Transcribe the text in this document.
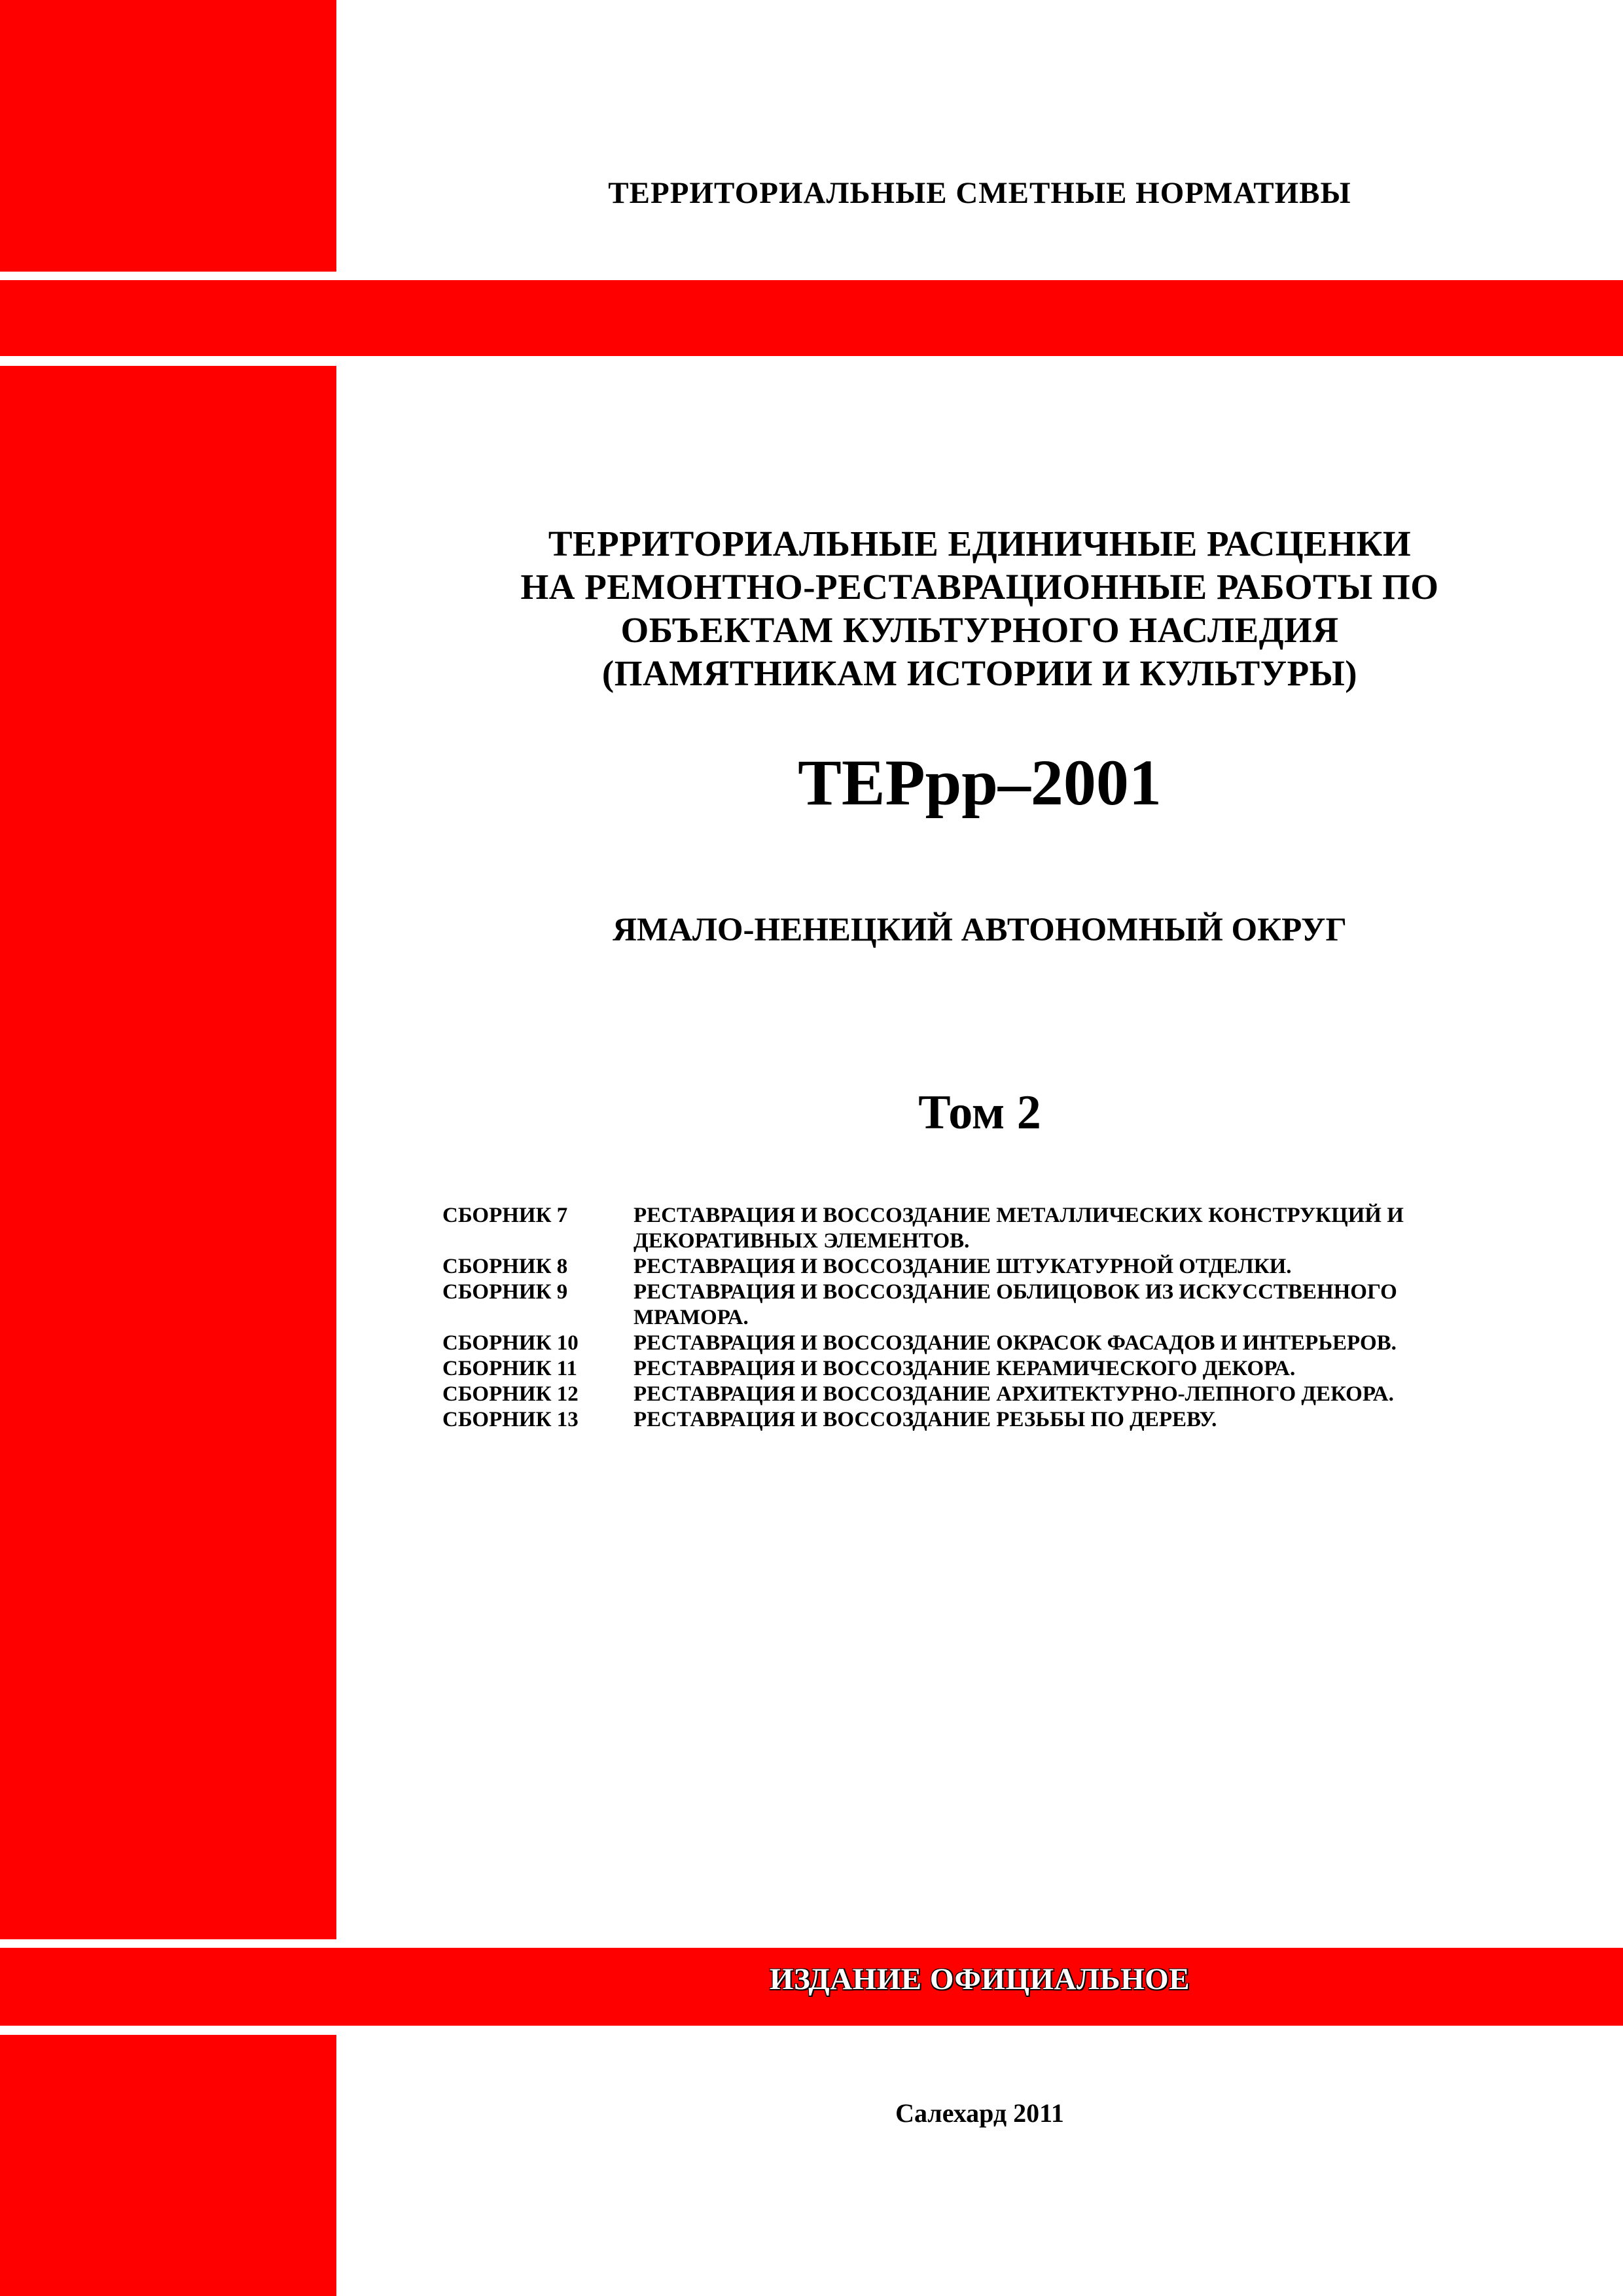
ТЕРРИТОРИАЛЬНЫЕ СМЕТНЫЕ НОРМАТИВЫ
ТЕРРИТОРИАЛЬНЫЕ ЕДИНИЧНЫЕ РАСЦЕНКИ
НА РЕМОНТНО-РЕСТАВРАЦИОННЫЕ РАБОТЫ ПО
ОБЪЕКТАМ КУЛЬТУРНОГО НАСЛЕДИЯ
(ПАМЯТНИКАМ ИСТОРИИ И КУЛЬТУРЫ)
ТЕРрр–2001
ЯМАЛО-НЕНЕЦКИЙ АВТОНОМНЫЙ ОКРУГ
Том 2
СБОРНИК 7	РЕСТАВРАЦИЯ И ВОССОЗДАНИЕ МЕТАЛЛИЧЕСКИХ КОНСТРУКЦИЙ И ДЕКОРАТИВНЫХ ЭЛЕМЕНТОВ.
СБОРНИК 8	РЕСТАВРАЦИЯ И ВОССОЗДАНИЕ ШТУКАТУРНОЙ ОТДЕЛКИ.
СБОРНИК 9	РЕСТАВРАЦИЯ И ВОССОЗДАНИЕ ОБЛИЦОВОК ИЗ ИСКУССТВЕННОГО МРАМОРА.
СБОРНИК 10	РЕСТАВРАЦИЯ И ВОССОЗДАНИЕ ОКРАСОК ФАСАДОВ И ИНТЕРЬЕРОВ.
СБОРНИК 11	РЕСТАВРАЦИЯ И ВОССОЗДАНИЕ КЕРАМИЧЕСКОГО ДЕКОРА.
СБОРНИК 12	РЕСТАВРАЦИЯ И ВОССОЗДАНИЕ АРХИТЕКТУРНО-ЛЕПНОГО ДЕКОРА.
СБОРНИК 13	РЕСТАВРАЦИЯ И ВОССОЗДАНИЕ РЕЗЬБЫ ПО ДЕРЕВУ.
ИЗДАНИЕ ОФИЦИАЛЬНОЕ
Салехард 2011
